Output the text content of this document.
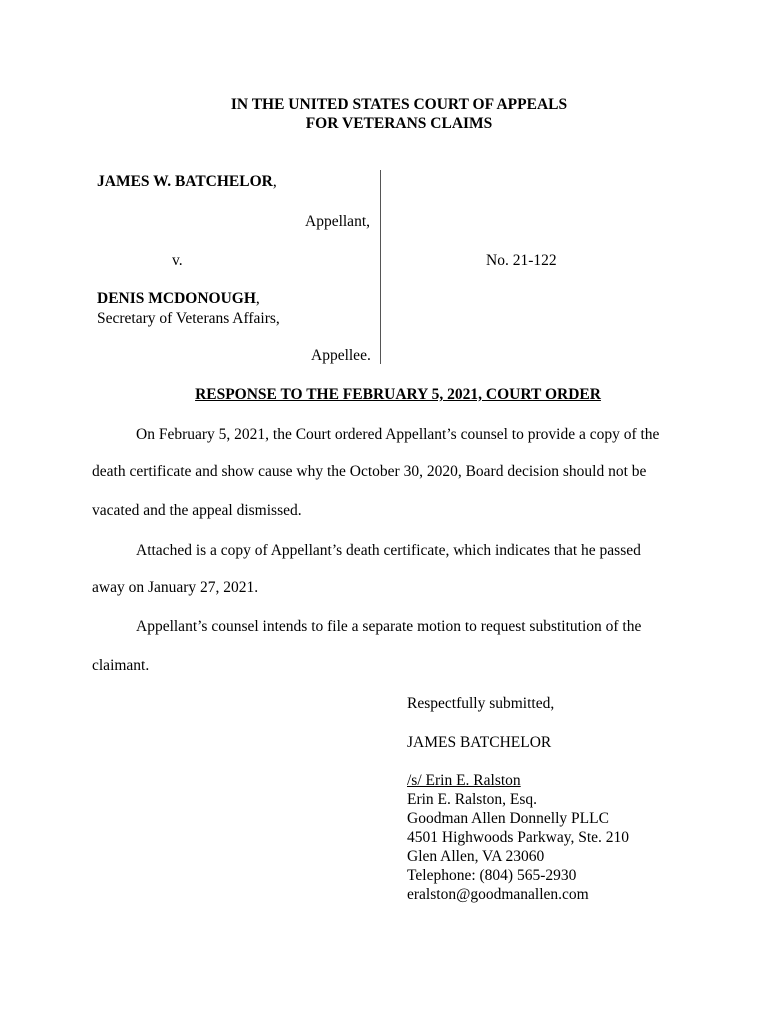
IN THE UNITED STATES COURT OF APPEALS
FOR VETERANS CLAIMS
JAMES W. BATCHELOR,
Appellant,
v.	No. 21-122
DENIS MCDONOUGH,
Secretary of Veterans Affairs,
Appellee.
RESPONSE TO THE FEBRUARY 5, 2021, COURT ORDER
On February 5, 2021, the Court ordered Appellant’s counsel to provide a copy of the
death certificate and show cause why the October 30, 2020, Board decision should not be
vacated and the appeal dismissed.
Attached is a copy of Appellant’s death certificate, which indicates that he passed
away on January 27, 2021.
Appellant’s counsel intends to file a separate motion to request substitution of the
claimant.
Respectfully submitted,
JAMES BATCHELOR
/s/ Erin E. Ralston
Erin E. Ralston, Esq.
Goodman Allen Donnelly PLLC
4501 Highwoods Parkway, Ste. 210
Glen Allen, VA 23060
Telephone: (804) 565-2930
eralston@goodmanallen.com
